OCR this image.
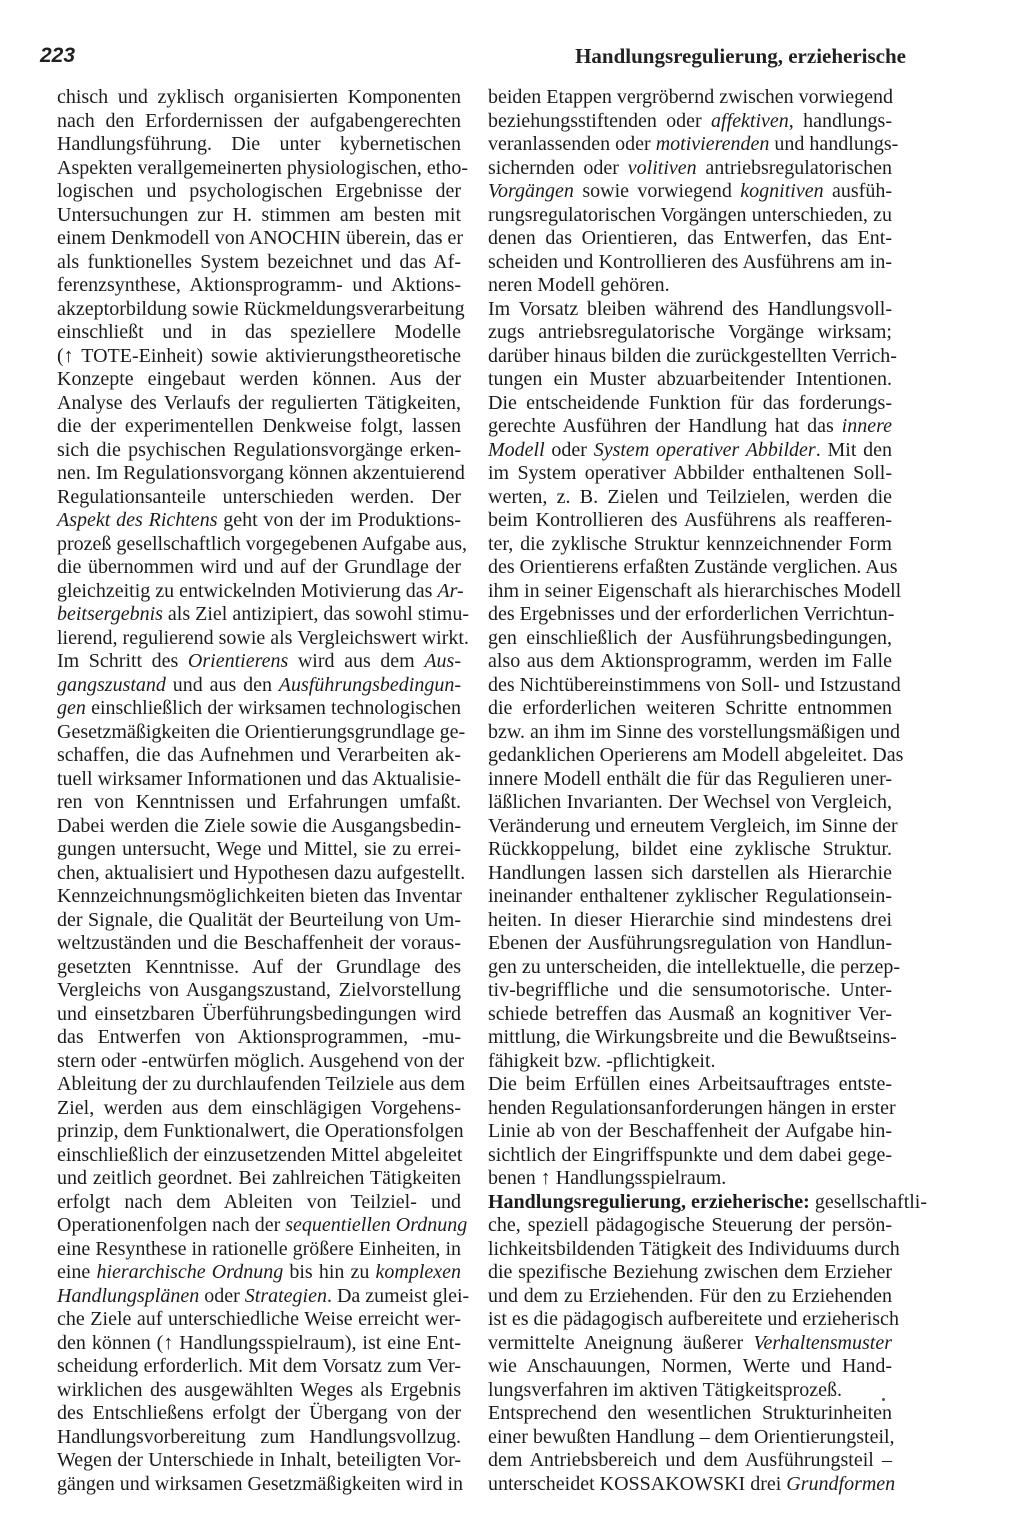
223	Handlungsregulierung, erzieherische
chisch und zyklisch organisierten Komponenten
nach den Erfordernissen der aufgabengerechten
Handlungsführung. Die unter kybernetischen
Aspekten verallgemeinerten physiologischen, etho-
logischen und psychologischen Ergebnisse der
Untersuchungen zur H. stimmen am besten mit
einem Denkmodell von ANOCHIN überein, das er
als funktionelles System bezeichnet und das Af-
ferenzsynthese, Aktionsprogramm- und Aktions-
akzeptorbildung sowie Rückmeldungsverarbeitung
einschließt und in das speziellere Modelle
(↑ TOTE-Einheit) sowie aktivierungstheoretische
Konzepte eingebaut werden können. Aus der
Analyse des Verlaufs der regulierten Tätigkeiten,
die der experimentellen Denkweise folgt, lassen
sich die psychischen Regulationsvorgänge erken-
nen. Im Regulationsvorgang können akzentuierend
Regulationsanteile unterschieden werden. Der
Aspekt des Richtens geht von der im Produktions-
prozeß gesellschaftlich vorgegebenen Aufgabe aus,
die übernommen wird und auf der Grundlage der
gleichzeitig zu entwickelnden Motivierung das Ar-
beitsergebnis als Ziel antizipiert, das sowohl stimu-
lierend, regulierend sowie als Vergleichswert wirkt.
Im Schritt des Orientierens wird aus dem Aus-
gangszustand und aus den Ausführungsbedingun-
gen einschließlich der wirksamen technologischen
Gesetzmäßigkeiten die Orientierungsgrundlage ge-
schaffen, die das Aufnehmen und Verarbeiten ak-
tuell wirksamer Informationen und das Aktualisie-
ren von Kenntnissen und Erfahrungen umfaßt.
Dabei werden die Ziele sowie die Ausgangsbedin-
gungen untersucht, Wege und Mittel, sie zu errei-
chen, aktualisiert und Hypothesen dazu aufgestellt.
Kennzeichnungsmöglichkeiten bieten das Inventar
der Signale, die Qualität der Beurteilung von Um-
weltzuständen und die Beschaffenheit der voraus-
gesetzten Kenntnisse. Auf der Grundlage des
Vergleichs von Ausgangszustand, Zielvorstellung
und einsetzbaren Überführungsbedingungen wird
das Entwerfen von Aktionsprogrammen, -mu-
stern oder -entwürfen möglich. Ausgehend von der
Ableitung der zu durchlaufenden Teilziele aus dem
Ziel, werden aus dem einschlägigen Vorgehens-
prinzip, dem Funktionalwert, die Operationsfolgen
einschließlich der einzusetzenden Mittel abgeleitet
und zeitlich geordnet. Bei zahlreichen Tätigkeiten
erfolgt nach dem Ableiten von Teilziel- und
Operationenfolgen nach der sequentiellen Ordnung
eine Resynthese in rationelle größere Einheiten, in
eine hierarchische Ordnung bis hin zu komplexen
Handlungsplänen oder Strategien. Da zumeist glei-
che Ziele auf unterschiedliche Weise erreicht wer-
den können (↑ Handlungsspielraum), ist eine Ent-
scheidung erforderlich. Mit dem Vorsatz zum Ver-
wirklichen des ausgewählten Weges als Ergebnis
des Entschließens erfolgt der Übergang von der
Handlungsvorbereitung zum Handlungsvollzug.
Wegen der Unterschiede in Inhalt, beteiligten Vor-
gängen und wirksamen Gesetzmäßigkeiten wird in
beiden Etappen vergröbernd zwischen vorwiegend
beziehungsstiftenden oder affektiven, handlungs-
veranlassenden oder motivierenden und handlungs-
sichernden oder volitiven antriebsregulatorischen
Vorgängen sowie vorwiegend kognitiven ausfüh-
rungsregulatorischen Vorgängen unterschieden, zu
denen das Orientieren, das Entwerfen, das Ent-
scheiden und Kontrollieren des Ausführens am in-
neren Modell gehören.
Im Vorsatz bleiben während des Handlungsvoll-
zugs antriebsregulatorische Vorgänge wirksam;
darüber hinaus bilden die zurückgestellten Verrich-
tungen ein Muster abzuarbeitender Intentionen.
Die entscheidende Funktion für das forderungs-
gerechte Ausführen der Handlung hat das innere
Modell oder System operativer Abbilder. Mit den
im System operativer Abbilder enthaltenen Soll-
werten, z. B. Zielen und Teilzielen, werden die
beim Kontrollieren des Ausführens als reafferen-
ter, die zyklische Struktur kennzeichnender Form
des Orientierens erfaßten Zustände verglichen. Aus
ihm in seiner Eigenschaft als hierarchisches Modell
des Ergebnisses und der erforderlichen Verrichtun-
gen einschließlich der Ausführungsbedingungen,
also aus dem Aktionsprogramm, werden im Falle
des Nichtübereinstimmens von Soll- und Istzustand
die erforderlichen weiteren Schritte entnommen
bzw. an ihm im Sinne des vorstellungsmäßigen und
gedanklichen Operierens am Modell abgeleitet. Das
innere Modell enthält die für das Regulieren uner-
läßlichen Invarianten. Der Wechsel von Vergleich,
Veränderung und erneutem Vergleich, im Sinne der
Rückkoppelung, bildet eine zyklische Struktur.
Handlungen lassen sich darstellen als Hierarchie
ineinander enthaltener zyklischer Regulationsein-
heiten. In dieser Hierarchie sind mindestens drei
Ebenen der Ausführungsregulation von Handlun-
gen zu unterscheiden, die intellektuelle, die perzep-
tiv-begriffliche und die sensumotorische. Unter-
schiede betreffen das Ausmaß an kognitiver Ver-
mittlung, die Wirkungsbreite und die Bewußtseins-
fähigkeit bzw. -pflichtigkeit.
Die beim Erfüllen eines Arbeitsauftrages entste-
henden Regulationsanforderungen hängen in erster
Linie ab von der Beschaffenheit der Aufgabe hin-
sichtlich der Eingriffspunkte und dem dabei gege-
benen ↑ Handlungsspielraum.
Handlungsregulierung, erzieherische: gesellschaftli-
che, speziell pädagogische Steuerung der persön-
lichkeitsbildenden Tätigkeit des Individuums durch
die spezifische Beziehung zwischen dem Erzieher
und dem zu Erziehenden. Für den zu Erziehenden
ist es die pädagogisch aufbereitete und erzieherisch
vermittelte Aneignung äußerer Verhaltensmuster
wie Anschauungen, Normen, Werte und Hand-
lungsverfahren im aktiven Tätigkeitsprozeß.
Entsprechend den wesentlichen Strukturinheiten
einer bewußten Handlung – dem Orientierungsteil,
dem Antriebsbereich und dem Ausführungsteil –
unterscheidet KOSSAKOWSKI drei Grundformen
